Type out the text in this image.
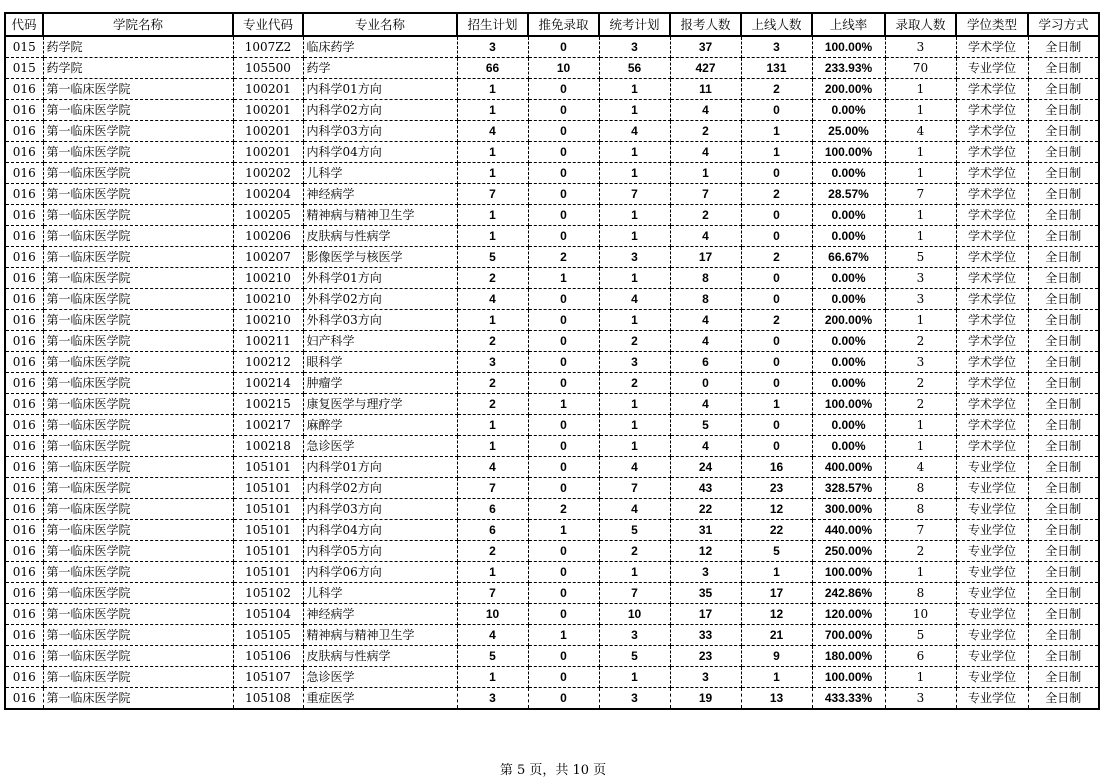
代码	学院名称	专业代码	专业名称	招生计划	推免录取	统考计划	报考人数	上线人数	上线率	录取人数	学位类型	学习方式
015	药学院	1007Z2	临床药学	3	0	3	37	3	100.00%	3	学术学位	全日制
015	药学院	105500	药学	66	10	56	427	131	233.93%	70	专业学位	全日制
016	第一临床医学院	100201	内科学01方向	1	0	1	11	2	200.00%	1	学术学位	全日制
016	第一临床医学院	100201	内科学02方向	1	0	1	4	0	0.00%	1	学术学位	全日制
016	第一临床医学院	100201	内科学03方向	4	0	4	2	1	25.00%	4	学术学位	全日制
016	第一临床医学院	100201	内科学04方向	1	0	1	4	1	100.00%	1	学术学位	全日制
016	第一临床医学院	100202	儿科学	1	0	1	1	0	0.00%	1	学术学位	全日制
016	第一临床医学院	100204	神经病学	7	0	7	7	2	28.57%	7	学术学位	全日制
016	第一临床医学院	100205	精神病与精神卫生学	1	0	1	2	0	0.00%	1	学术学位	全日制
016	第一临床医学院	100206	皮肤病与性病学	1	0	1	4	0	0.00%	1	学术学位	全日制
016	第一临床医学院	100207	影像医学与核医学	5	2	3	17	2	66.67%	5	学术学位	全日制
016	第一临床医学院	100210	外科学01方向	2	1	1	8	0	0.00%	3	学术学位	全日制
016	第一临床医学院	100210	外科学02方向	4	0	4	8	0	0.00%	3	学术学位	全日制
016	第一临床医学院	100210	外科学03方向	1	0	1	4	2	200.00%	1	学术学位	全日制
016	第一临床医学院	100211	妇产科学	2	0	2	4	0	0.00%	2	学术学位	全日制
016	第一临床医学院	100212	眼科学	3	0	3	6	0	0.00%	3	学术学位	全日制
016	第一临床医学院	100214	肿瘤学	2	0	2	0	0	0.00%	2	学术学位	全日制
016	第一临床医学院	100215	康复医学与理疗学	2	1	1	4	1	100.00%	2	学术学位	全日制
016	第一临床医学院	100217	麻醉学	1	0	1	5	0	0.00%	1	学术学位	全日制
016	第一临床医学院	100218	急诊医学	1	0	1	4	0	0.00%	1	学术学位	全日制
016	第一临床医学院	105101	内科学01方向	4	0	4	24	16	400.00%	4	专业学位	全日制
016	第一临床医学院	105101	内科学02方向	7	0	7	43	23	328.57%	8	专业学位	全日制
016	第一临床医学院	105101	内科学03方向	6	2	4	22	12	300.00%	8	专业学位	全日制
016	第一临床医学院	105101	内科学04方向	6	1	5	31	22	440.00%	7	专业学位	全日制
016	第一临床医学院	105101	内科学05方向	2	0	2	12	5	250.00%	2	专业学位	全日制
016	第一临床医学院	105101	内科学06方向	1	0	1	3	1	100.00%	1	专业学位	全日制
016	第一临床医学院	105102	儿科学	7	0	7	35	17	242.86%	8	专业学位	全日制
016	第一临床医学院	105104	神经病学	10	0	10	17	12	120.00%	10	专业学位	全日制
016	第一临床医学院	105105	精神病与精神卫生学	4	1	3	33	21	700.00%	5	专业学位	全日制
016	第一临床医学院	105106	皮肤病与性病学	5	0	5	23	9	180.00%	6	专业学位	全日制
016	第一临床医学院	105107	急诊医学	1	0	1	3	1	100.00%	1	专业学位	全日制
016	第一临床医学院	105108	重症医学	3	0	3	19	13	433.33%	3	专业学位	全日制
第 5 页，共 10 页
